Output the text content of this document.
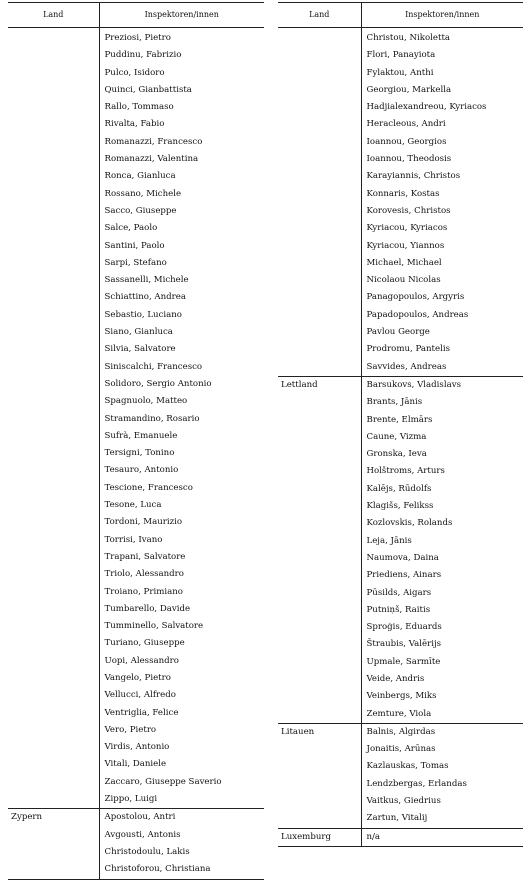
Land	Inspektoren/innen
	Preziosi, Pietro
	Puddinu, Fabrizio
	Pulco, Isidoro
	Quinci, Gianbattista
	Rallo, Tommaso
	Rivalta, Fabio
	Romanazzi, Francesco
	Romanazzi, Valentina
	Ronca, Gianluca
	Rossano, Michele
	Sacco, Giuseppe
	Salce, Paolo
	Santini, Paolo
	Sarpi, Stefano
	Sassanelli, Michele
	Schiattino, Andrea
	Sebastio, Luciano
	Siano, Gianluca
	Silvia, Salvatore
	Siniscalchi, Francesco
	Solidoro, Sergio Antonio
	Spagnuolo, Matteo
	Stramandino, Rosario
	Sufrà, Emanuele
	Tersigni, Tonino
	Tesauro, Antonio
	Tescione, Francesco
	Tesone, Luca
	Tordoni, Maurizio
	Torrisi, Ivano
	Trapani, Salvatore
	Triolo, Alessandro
	Troiano, Primiano
	Tumbarello, Davide
	Tumminello, Salvatore
	Turiano, Giuseppe
	Uopi, Alessandro
	Vangelo, Pietro
	Vellucci, Alfredo
	Ventriglia, Felice
	Vero, Pietro
	Virdis, Antonio
	Vitali, Daniele
	Zaccaro, Giuseppe Saverio
	Zippo, Luigi
Zypern	Apostolou, Antri
	Avgousti, Antonis
	Christodoulu, Lakis
	Christoforou, Christiana
Land	Inspektoren/innen
	Christou, Nikoletta
	Flori, Panayiota
	Fylaktou, Anthi
	Georgiou, Markella
	Hadjialexandreou, Kyriacos
	Heracleous, Andri
	Ioannou, Georgios
	Ioannou, Theodosis
	Karayiannis, Christos
	Konnaris, Kostas
	Korovesis, Christos
	Kyriacou, Kyriacos
	Kyriacou, Yiannos
	Michael, Michael
	Nicolaou Nicolas
	Panagopoulos, Argyris
	Papadopoulos, Andreas
	Pavlou George
	Prodromu, Pantelis
	Savvides, Andreas
Lettland	Barsukovs, Vladislavs
	Brants, Jānis
	Brente, Elmārs
	Caune, Vizma
	Gronska, Ieva
	Holštroms, Arturs
	Kalējs, Rūdolfs
	Klagišs, Felikss
	Kozlovskis, Rolands
	Leja, Jānis
	Naumova, Daina
	Priediens, Ainars
	Pūsilds, Aigars
	Putniņš, Raitis
	Sproģis, Eduards
	Štraubis, Valērijs
	Upmale, Sarmīte
	Veide, Andris
	Veinbergs, Miks
	Zemture, Viola
Litauen	Balnis, Algirdas
	Jonaitis, Arūnas
	Kazlauskas, Tomas
	Lendzbergas, Erlandas
	Vaitkus, Giedrius
	Zartun, Vitalij
Luxemburg	n/a
